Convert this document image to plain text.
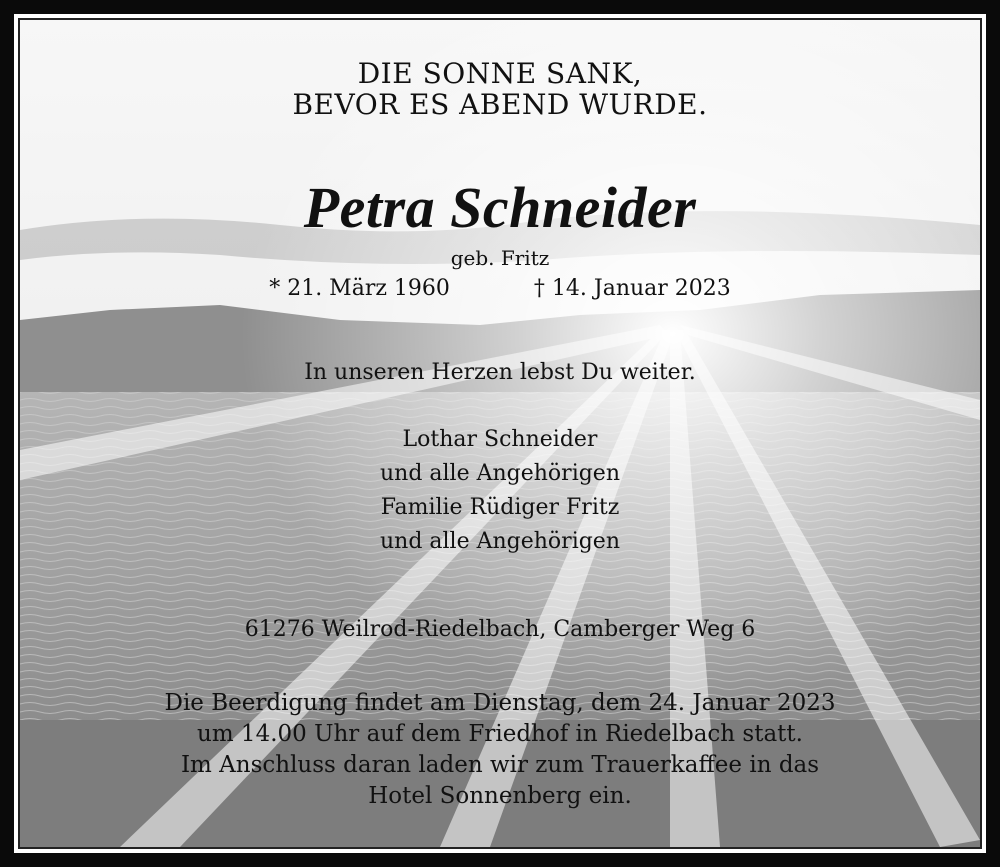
DIE SONNE SANK,
BEVOR ES ABEND WURDE.
Petra Schneider
geb. Fritz
* 21. März 1960	† 14. Januar 2023
In unseren Herzen lebst Du weiter.
Lothar Schneider
und alle Angehörigen
Familie Rüdiger Fritz
und alle Angehörigen
61276 Weilrod-Riedelbach, Camberger Weg 6
Die Beerdigung findet am Dienstag, dem 24. Januar 2023
um 14.00 Uhr auf dem Friedhof in Riedelbach statt.
Im Anschluss daran laden wir zum Trauerkaffee in das
Hotel Sonnenberg ein.
